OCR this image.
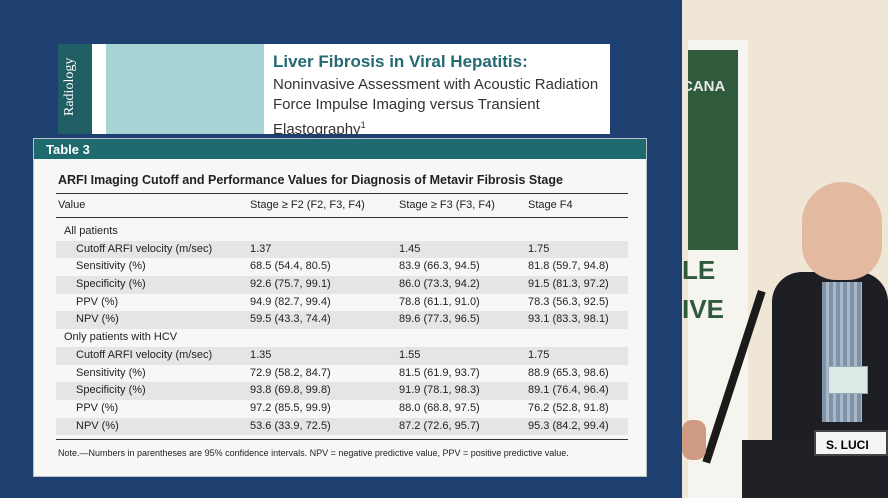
Radiology	Liver Fibrosis in Viral Hepatitis:
Noninvasive Assessment with Acoustic Radiation Force Impulse Imaging versus Transient Elastography$^1$
Table 3
ARFI Imaging Cutoff and Performance Values for Diagnosis of Metavir Fibrosis Stage
Value	Stage ≥ F2 (F2, F3, F4)	Stage ≥ F3 (F3, F4)	Stage F4
All patients
Cutoff ARFI velocity (m/sec)	1.37	1.45	1.75
Sensitivity (%)	68.5 (54.4, 80.5)	83.9 (66.3, 94.5)	81.8 (59.7, 94.8)
Specificity (%)	92.6 (75.7, 99.1)	86.0 (73.3, 94.2)	91.5 (81.3, 97.2)
PPV (%)	94.9 (82.7, 99.4)	78.8 (61.1, 91.0)	78.3 (56.3, 92.5)
NPV (%)	59.5 (43.3, 74.4)	89.6 (77.3, 96.5)	93.1 (83.3, 98.1)
Only patients with HCV
Cutoff ARFI velocity (m/sec)	1.35	1.55	1.75
Sensitivity (%)	72.9 (58.2, 84.7)	81.5 (61.9, 93.7)	88.9 (65.3, 98.6)
Specificity (%)	93.8 (69.8, 99.8)	91.9 (78.1, 98.3)	89.1 (76.4, 96.4)
PPV (%)	97.2 (85.5, 99.9)	88.0 (68.8, 97.5)	76.2 (52.8, 91.8)
NPV (%)	53.6 (33.9, 72.5)	87.2 (72.6, 95.7)	95.3 (84.2, 99.4)
Note.—Numbers in parentheses are 95% confidence intervals. NPV = negative predictive value, PPV = positive predictive value.
CANA
LE
IVE
S. LUCI
